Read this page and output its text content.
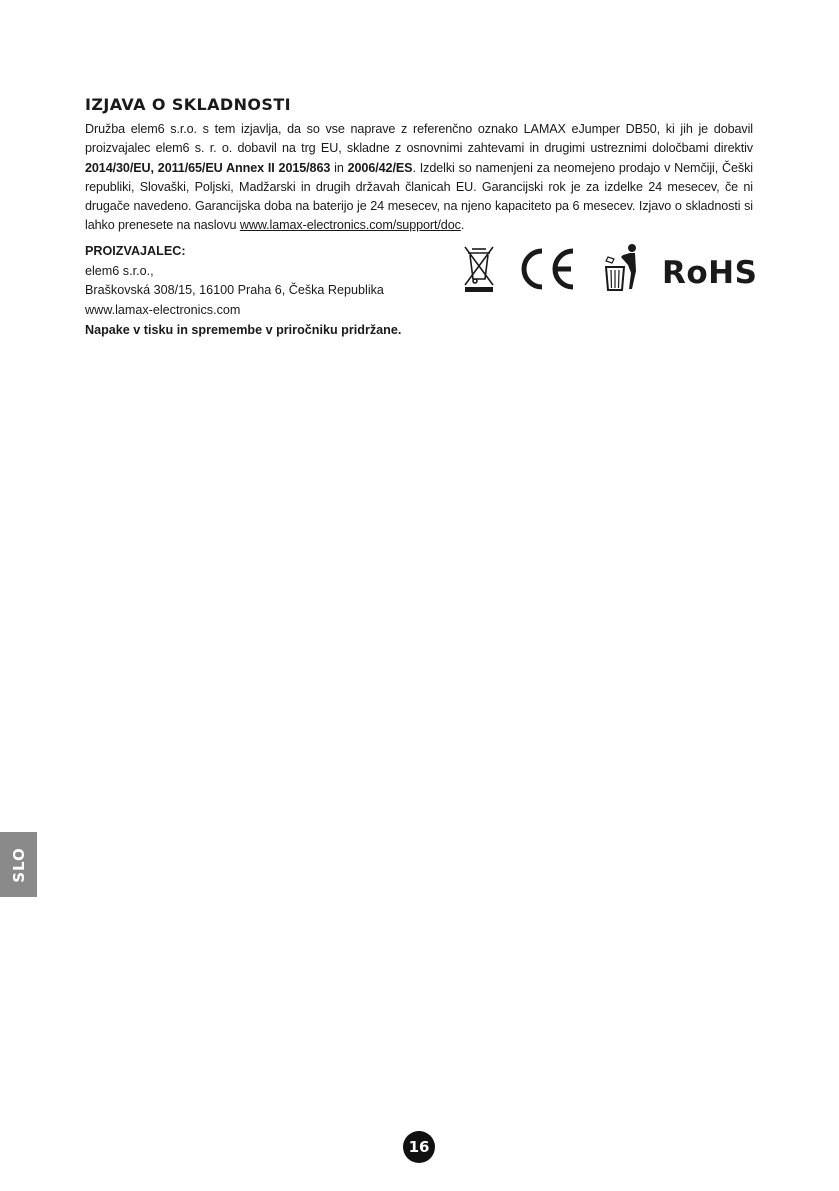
IZJAVA O SKLADNOSTI

Družba elem6 s.r.o. s tem izjavlja, da so vse naprave z referenčno oznako LAMAX eJumper DB50, ki jih je dobavil proizvajalec elem6 s. r. o. dobavil na trg EU, skladne z osnovnimi zahtevami in drugimi ustreznimi določbami direktiv 2014/30/EU, 2011/65/EU Annex II 2015/863 in 2006/42/ES. Izdelki so namenjeni za neomejeno prodajo v Nemčiji, Češki republiki, Slovaški, Poljski, Madžarski in drugih državah članicah EU. Garancijski rok je za izdelke 24 mesecev, če ni drugače navedeno. Garancijska doba na baterijo je 24 mesecev, na njeno kapaciteto pa 6 mesecev. Izjavo o skladnosti si lahko prenesete na naslovu www.lamax-electronics.com/support/doc.

PROIZVAJALEC:
elem6 s.r.o.,
Braškovská 308/15, 16100 Praha 6, Češka Republika
www.lamax-electronics.com
RoHS
Napake v tisku in spremembe v priročniku pridržane.
SLO
16
